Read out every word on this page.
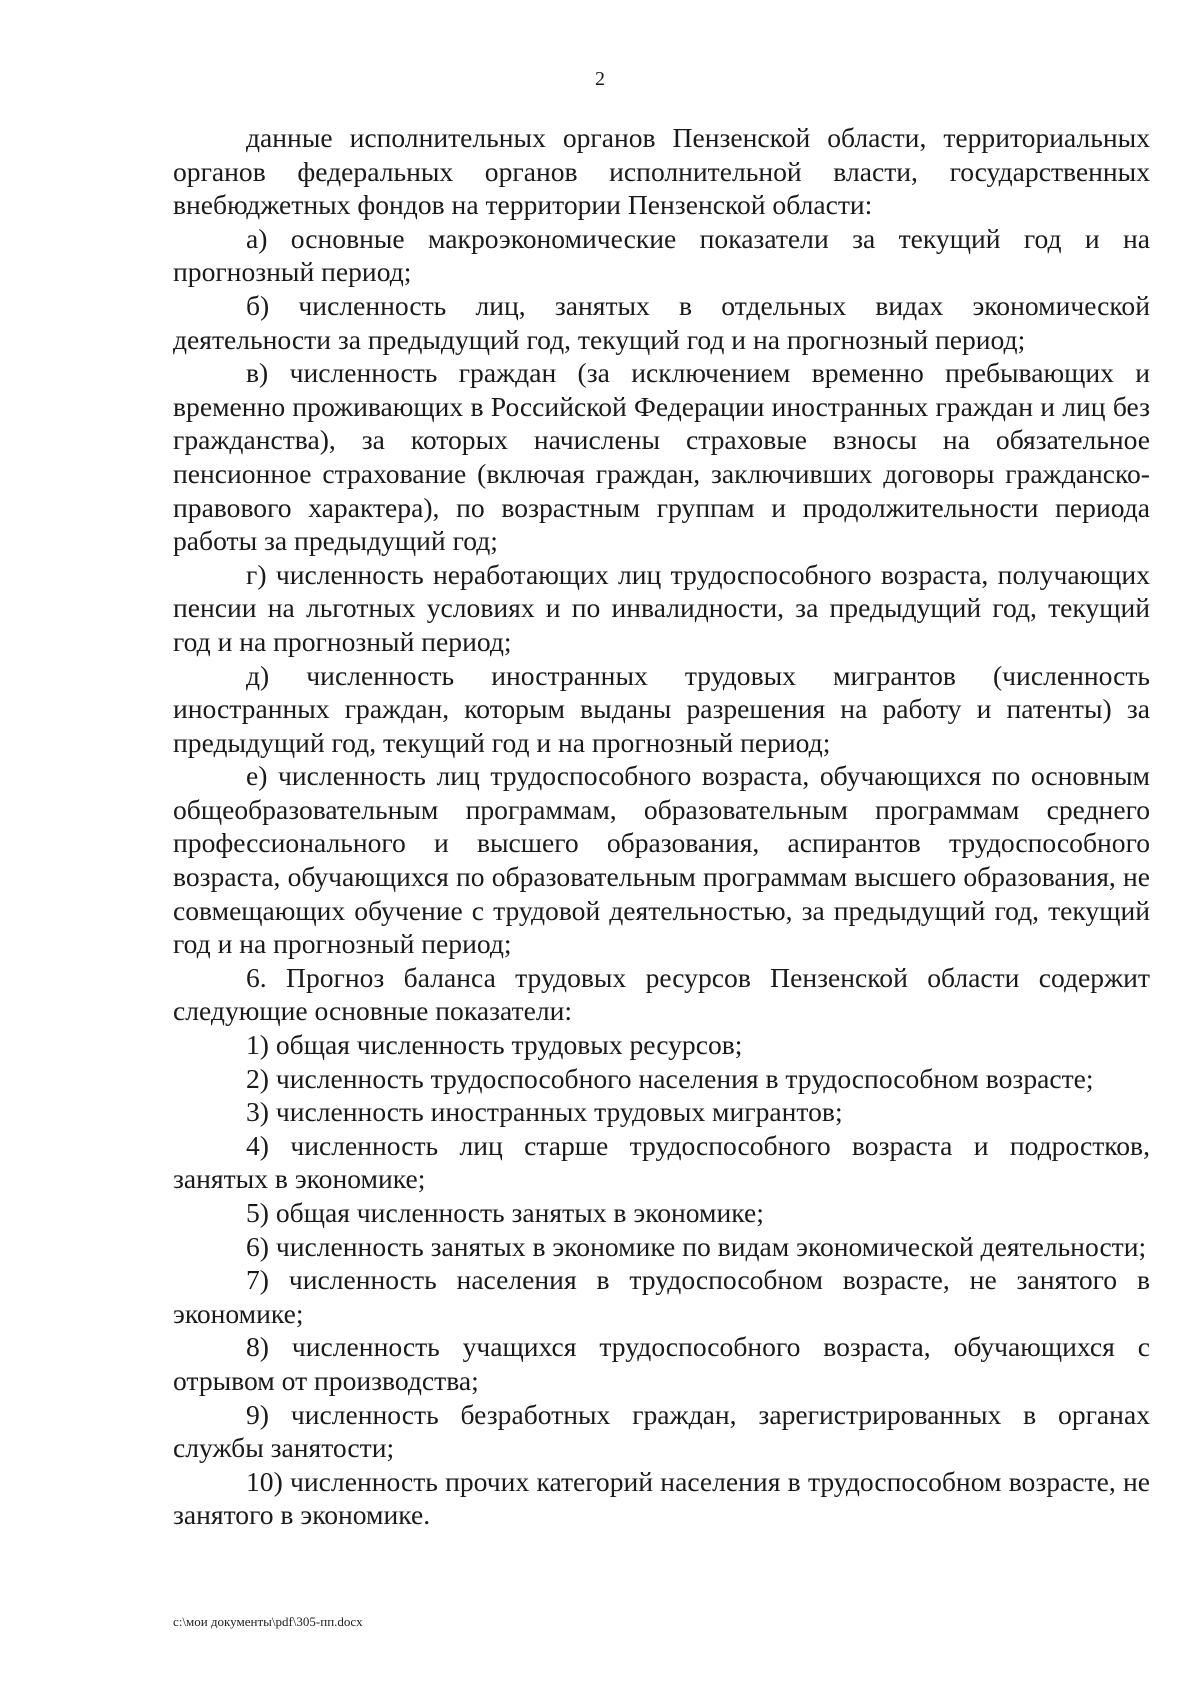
2

данные исполнительных органов Пензенской области, территориальных органов федеральных органов исполнительной власти, государственных внебюджетных фондов на территории Пензенской области:

а) основные макроэкономические показатели за текущий год и на прогнозный период;

б) численность лиц, занятых в отдельных видах экономической деятельности за предыдущий год, текущий год и на прогнозный период;

в) численность граждан (за исключением временно пребывающих и временно проживающих в Российской Федерации иностранных граждан и лиц без гражданства), за которых начислены страховые взносы на обязательное пенсионное страхование (включая граждан, заключивших договоры гражданско-правового характера), по возрастным группам и продолжительности периода работы за предыдущий год;

г) численность неработающих лиц трудоспособного возраста, получающих пенсии на льготных условиях и по инвалидности, за предыдущий год, текущий год и на прогнозный период;

д) численность иностранных трудовых мигрантов (численность иностранных граждан, которым выданы разрешения на работу и патенты) за предыдущий год, текущий год и на прогнозный период;

е) численность лиц трудоспособного возраста, обучающихся по основным общеобразовательным программам, образовательным программам среднего профессионального и высшего образования, аспирантов трудоспособного возраста, обучающихся по образовательным программам высшего образования, не совмещающих обучение с трудовой деятельностью, за предыдущий год, текущий год и на прогнозный период;

6. Прогноз баланса трудовых ресурсов Пензенской области содержит следующие основные показатели:

1) общая численность трудовых ресурсов;

2) численность трудоспособного населения в трудоспособном возрасте;

3) численность иностранных трудовых мигрантов;

4) численность лиц старше трудоспособного возраста и подростков, занятых в экономике;

5) общая численность занятых в экономике;

6) численность занятых в экономике по видам экономической деятельности;

7) численность населения в трудоспособном возрасте, не занятого в экономике;

8) численность учащихся трудоспособного возраста, обучающихся с отрывом от производства;

9) численность безработных граждан, зарегистрированных в органах службы занятости;

10) численность прочих категорий населения в трудоспособном возрасте, не занятого в экономике.

c:\мои документы\pdf\305-пп.docx
